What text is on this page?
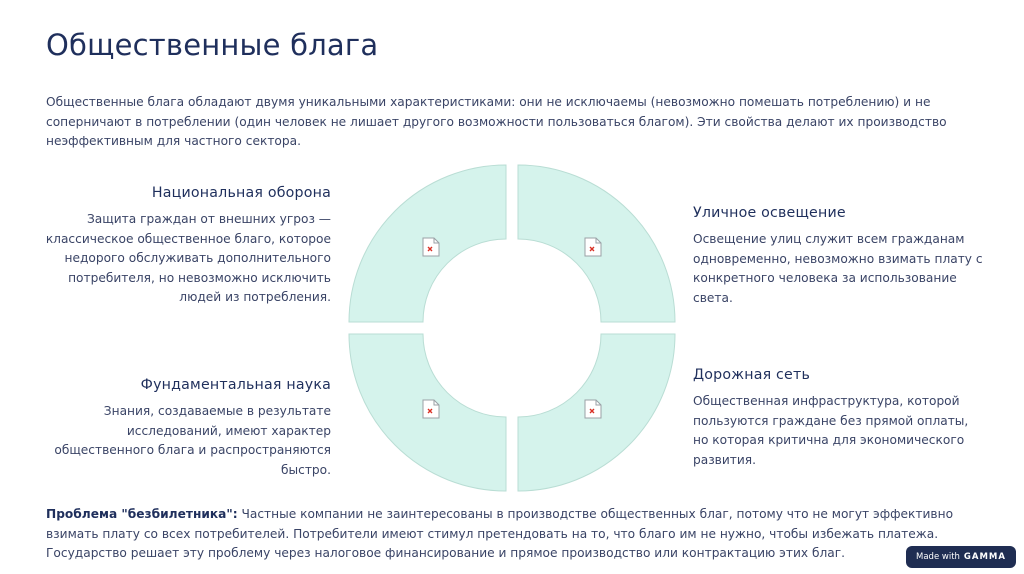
Общественные блага

Общественные блага обладают двумя уникальными характеристиками: они не исключаемы (невозможно помешать потреблению) и не соперничают в потреблении (один человек не лишает другого возможности пользоваться благом). Эти свойства делают их производство неэффективным для частного сектора.

Национальная оборона

Защита граждан от внешних угроз — классическое общественное благо, которое недорого обслуживать дополнительного потребителя, но невозможно исключить людей из потребления.

Фундаментальная наука

Знания, создаваемые в результате исследований, имеют характер общественного блага и распространяются быстро.

Уличное освещение

Освещение улиц служит всем гражданам одновременно, невозможно взимать плату с конкретного человека за использование света.

Дорожная сеть

Общественная инфраструктура, которой пользуются граждане без прямой оплаты, но которая критична для экономического развития.

Проблема "безбилетника": Частные компании не заинтересованы в производстве общественных благ, потому что не могут эффективно взимать плату со всех потребителей. Потребители имеют стимул претендовать на то, что благо им не нужно, чтобы избежать платежа. Государство решает эту проблему через налоговое финансирование и прямое производство или контрактацию этих благ.	Made with GAMMA
